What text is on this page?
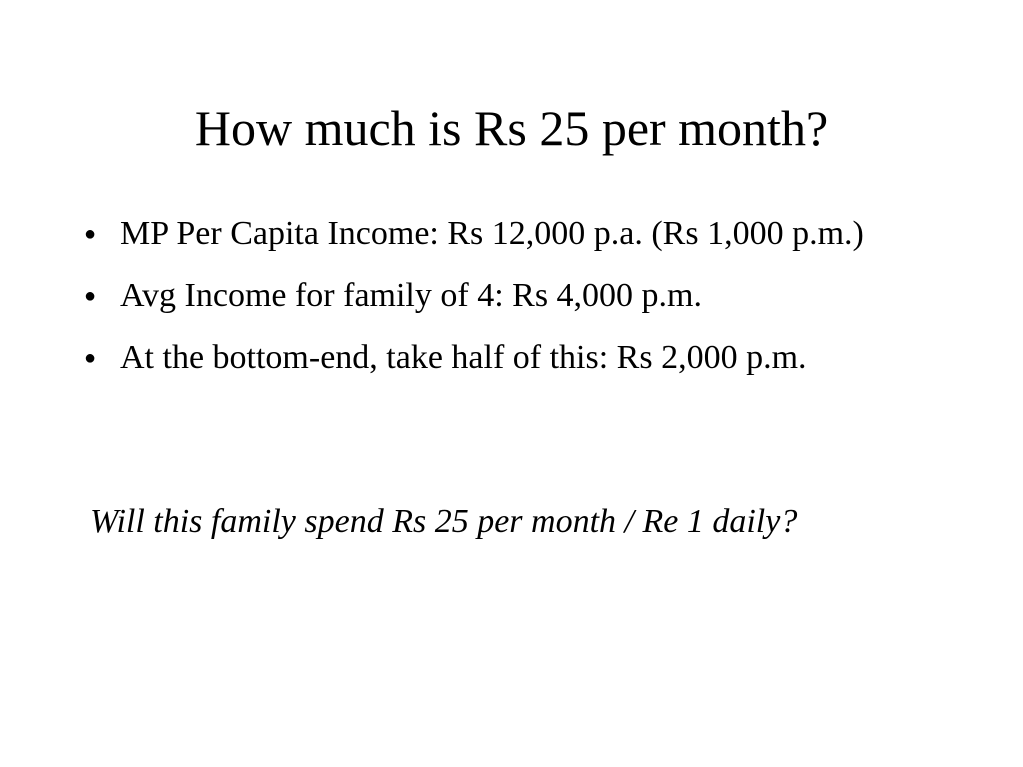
How much is Rs 25 per month?
● MP Per Capita Income: Rs 12,000 p.a. (Rs 1,000 p.m.)
● Avg Income for family of 4: Rs 4,000 p.m.
● At the bottom-end, take half of this: Rs 2,000 p.m.

Will this family spend Rs 25 per month / Re 1 daily?
